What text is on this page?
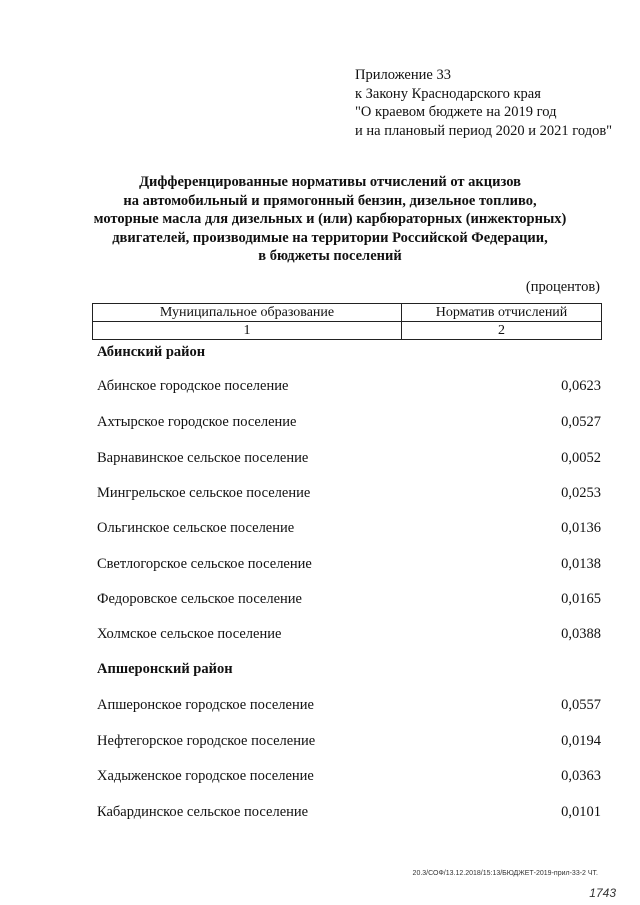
Приложение 33
к Закону Краснодарского края
"О краевом бюджете на 2019 год
и на плановый период 2020 и 2021 годов"
Дифференцированные нормативы отчислений от акцизов
на автомобильный и прямогонный бензин, дизельное топливо,
моторные масла для дизельных и (или) карбюраторных (инжекторных)
двигателей, производимые на территории Российской Федерации,
в бюджеты поселений
(процентов)
Муниципальное образование	Норматив отчислений
1	2
Абинский район
Абинское городское поселение	0,0623
Ахтырское городское поселение	0,0527
Варнавинское сельское поселение	0,0052
Мингрельское сельское поселение	0,0253
Ольгинское сельское поселение	0,0136
Светлогорское сельское поселение	0,0138
Федоровское сельское поселение	0,0165
Холмское сельское поселение	0,0388
Апшеронский район
Апшеронское городское поселение	0,0557
Нефтегорское городское поселение	0,0194
Хадыженское городское поселение	0,0363
Кабардинское сельское поселение	0,0101
20.3/СОФ/13.12.2018/15:13/БЮДЖЕТ-2019-прил-33-2 ЧТ.
1743
